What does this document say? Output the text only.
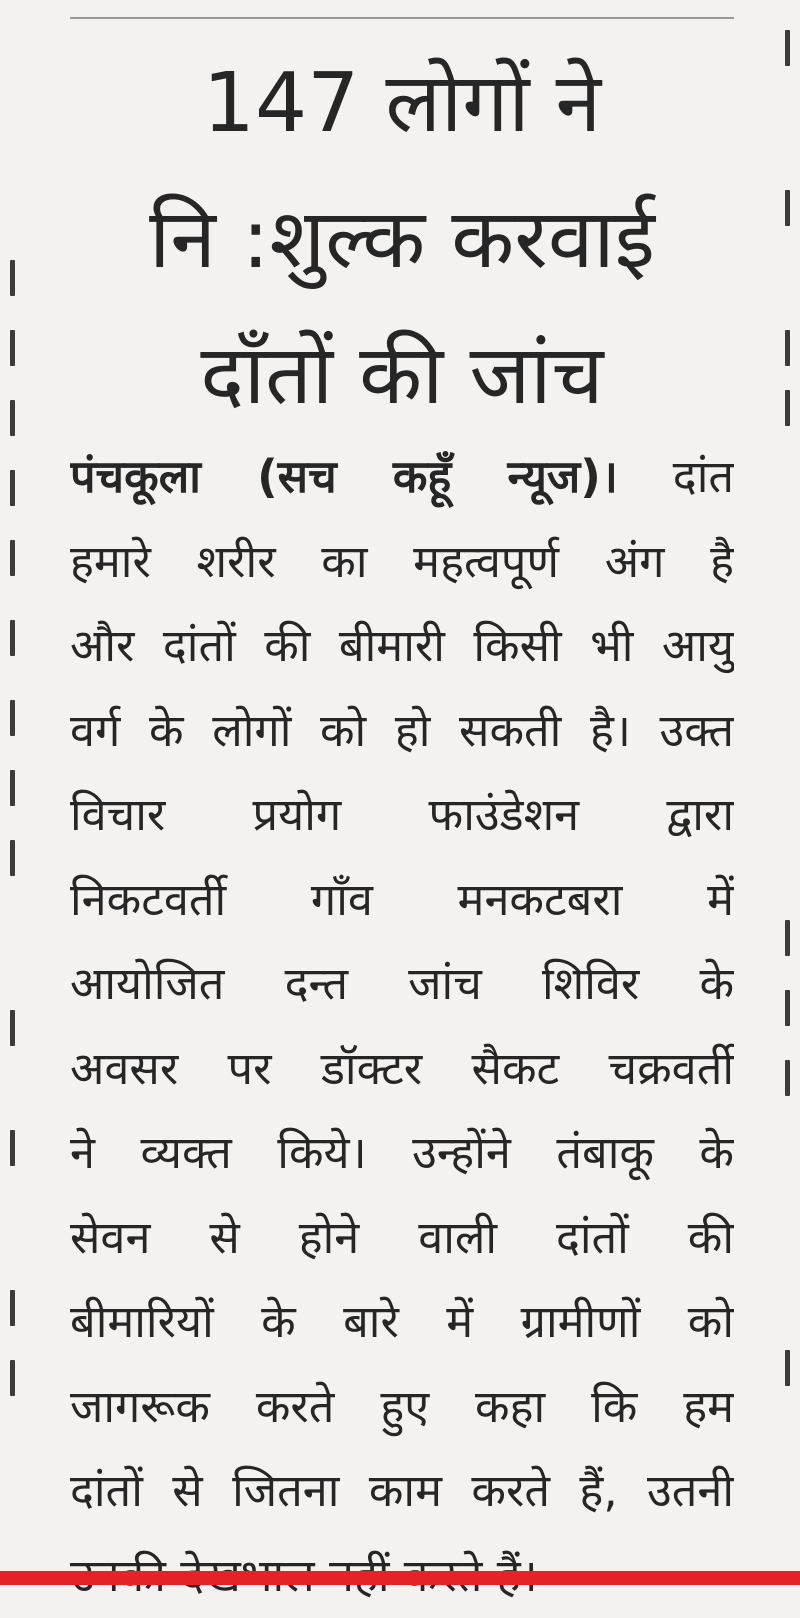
147 लोगों ने
नि :शुल्क करवाई
दाँतों की जांच
पंचकूला (सच कहूँ न्यूज)। दांत
हमारे शरीर का महत्वपूर्ण अंग है
और दांतों की बीमारी किसी भी आयु
वर्ग के लोगों को हो सकती है। उक्त
विचार प्रयोग फाउंडेशन द्वारा
निकटवर्ती गाँव मनकटबरा में
आयोजित दन्त जांच शिविर के
अवसर पर डॉक्टर सैकट चक्रवर्ती
ने व्यक्त किये। उन्होंने तंबाकू के
सेवन से होने वाली दांतों की
बीमारियों के बारे में ग्रामीणों को
जागरूक करते हुए कहा कि हम
दांतों से जितना काम करते हैं, उतनी
